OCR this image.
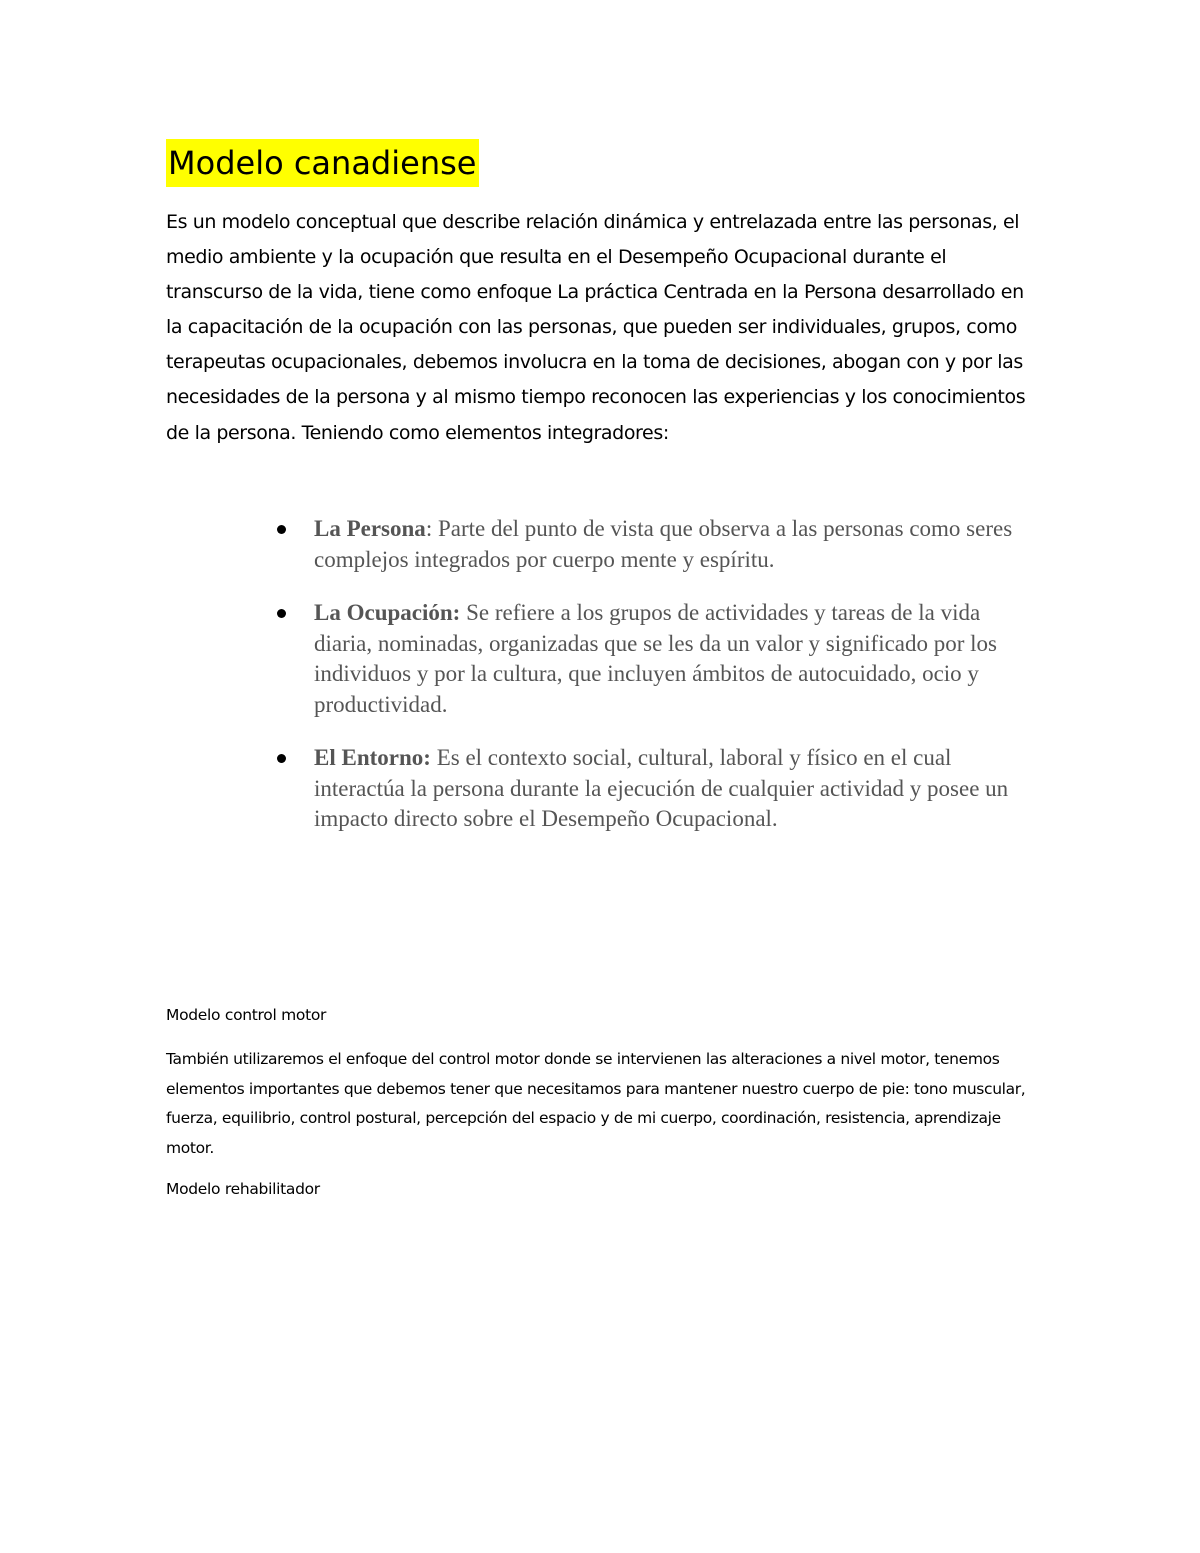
Modelo canadiense

Es un modelo conceptual que describe relación dinámica y entrelazada entre las personas, el medio ambiente y la ocupación que resulta en el Desempeño Ocupacional durante el transcurso de la vida, tiene como enfoque La práctica Centrada en la Persona desarrollado en la capacitación de la ocupación con las personas, que pueden ser individuales, grupos, como terapeutas ocupacionales, debemos involucra en la toma de decisiones, abogan con y por las necesidades de la persona y al mismo tiempo reconocen las experiencias y los conocimientos de la persona. Teniendo como elementos integradores:

La Persona: Parte del punto de vista que observa a las personas como seres complejos integrados por cuerpo mente y espíritu.
La Ocupación: Se refiere a los grupos de actividades y tareas de la vida diaria, nominadas, organizadas que se les da un valor y significado por los individuos y por la cultura, que incluyen ámbitos de autocuidado, ocio y productividad.
El Entorno: Es el contexto social, cultural, laboral y físico en el cual interactúa la persona durante la ejecución de cualquier actividad y posee un impacto directo sobre el Desempeño Ocupacional.
Modelo control motor

También utilizaremos el enfoque del control motor donde se intervienen las alteraciones a nivel motor, tenemos elementos importantes que debemos tener que necesitamos para mantener nuestro cuerpo de pie: tono muscular, fuerza, equilibrio, control postural, percepción del espacio y de mi cuerpo, coordinación, resistencia, aprendizaje motor.

Modelo rehabilitador
